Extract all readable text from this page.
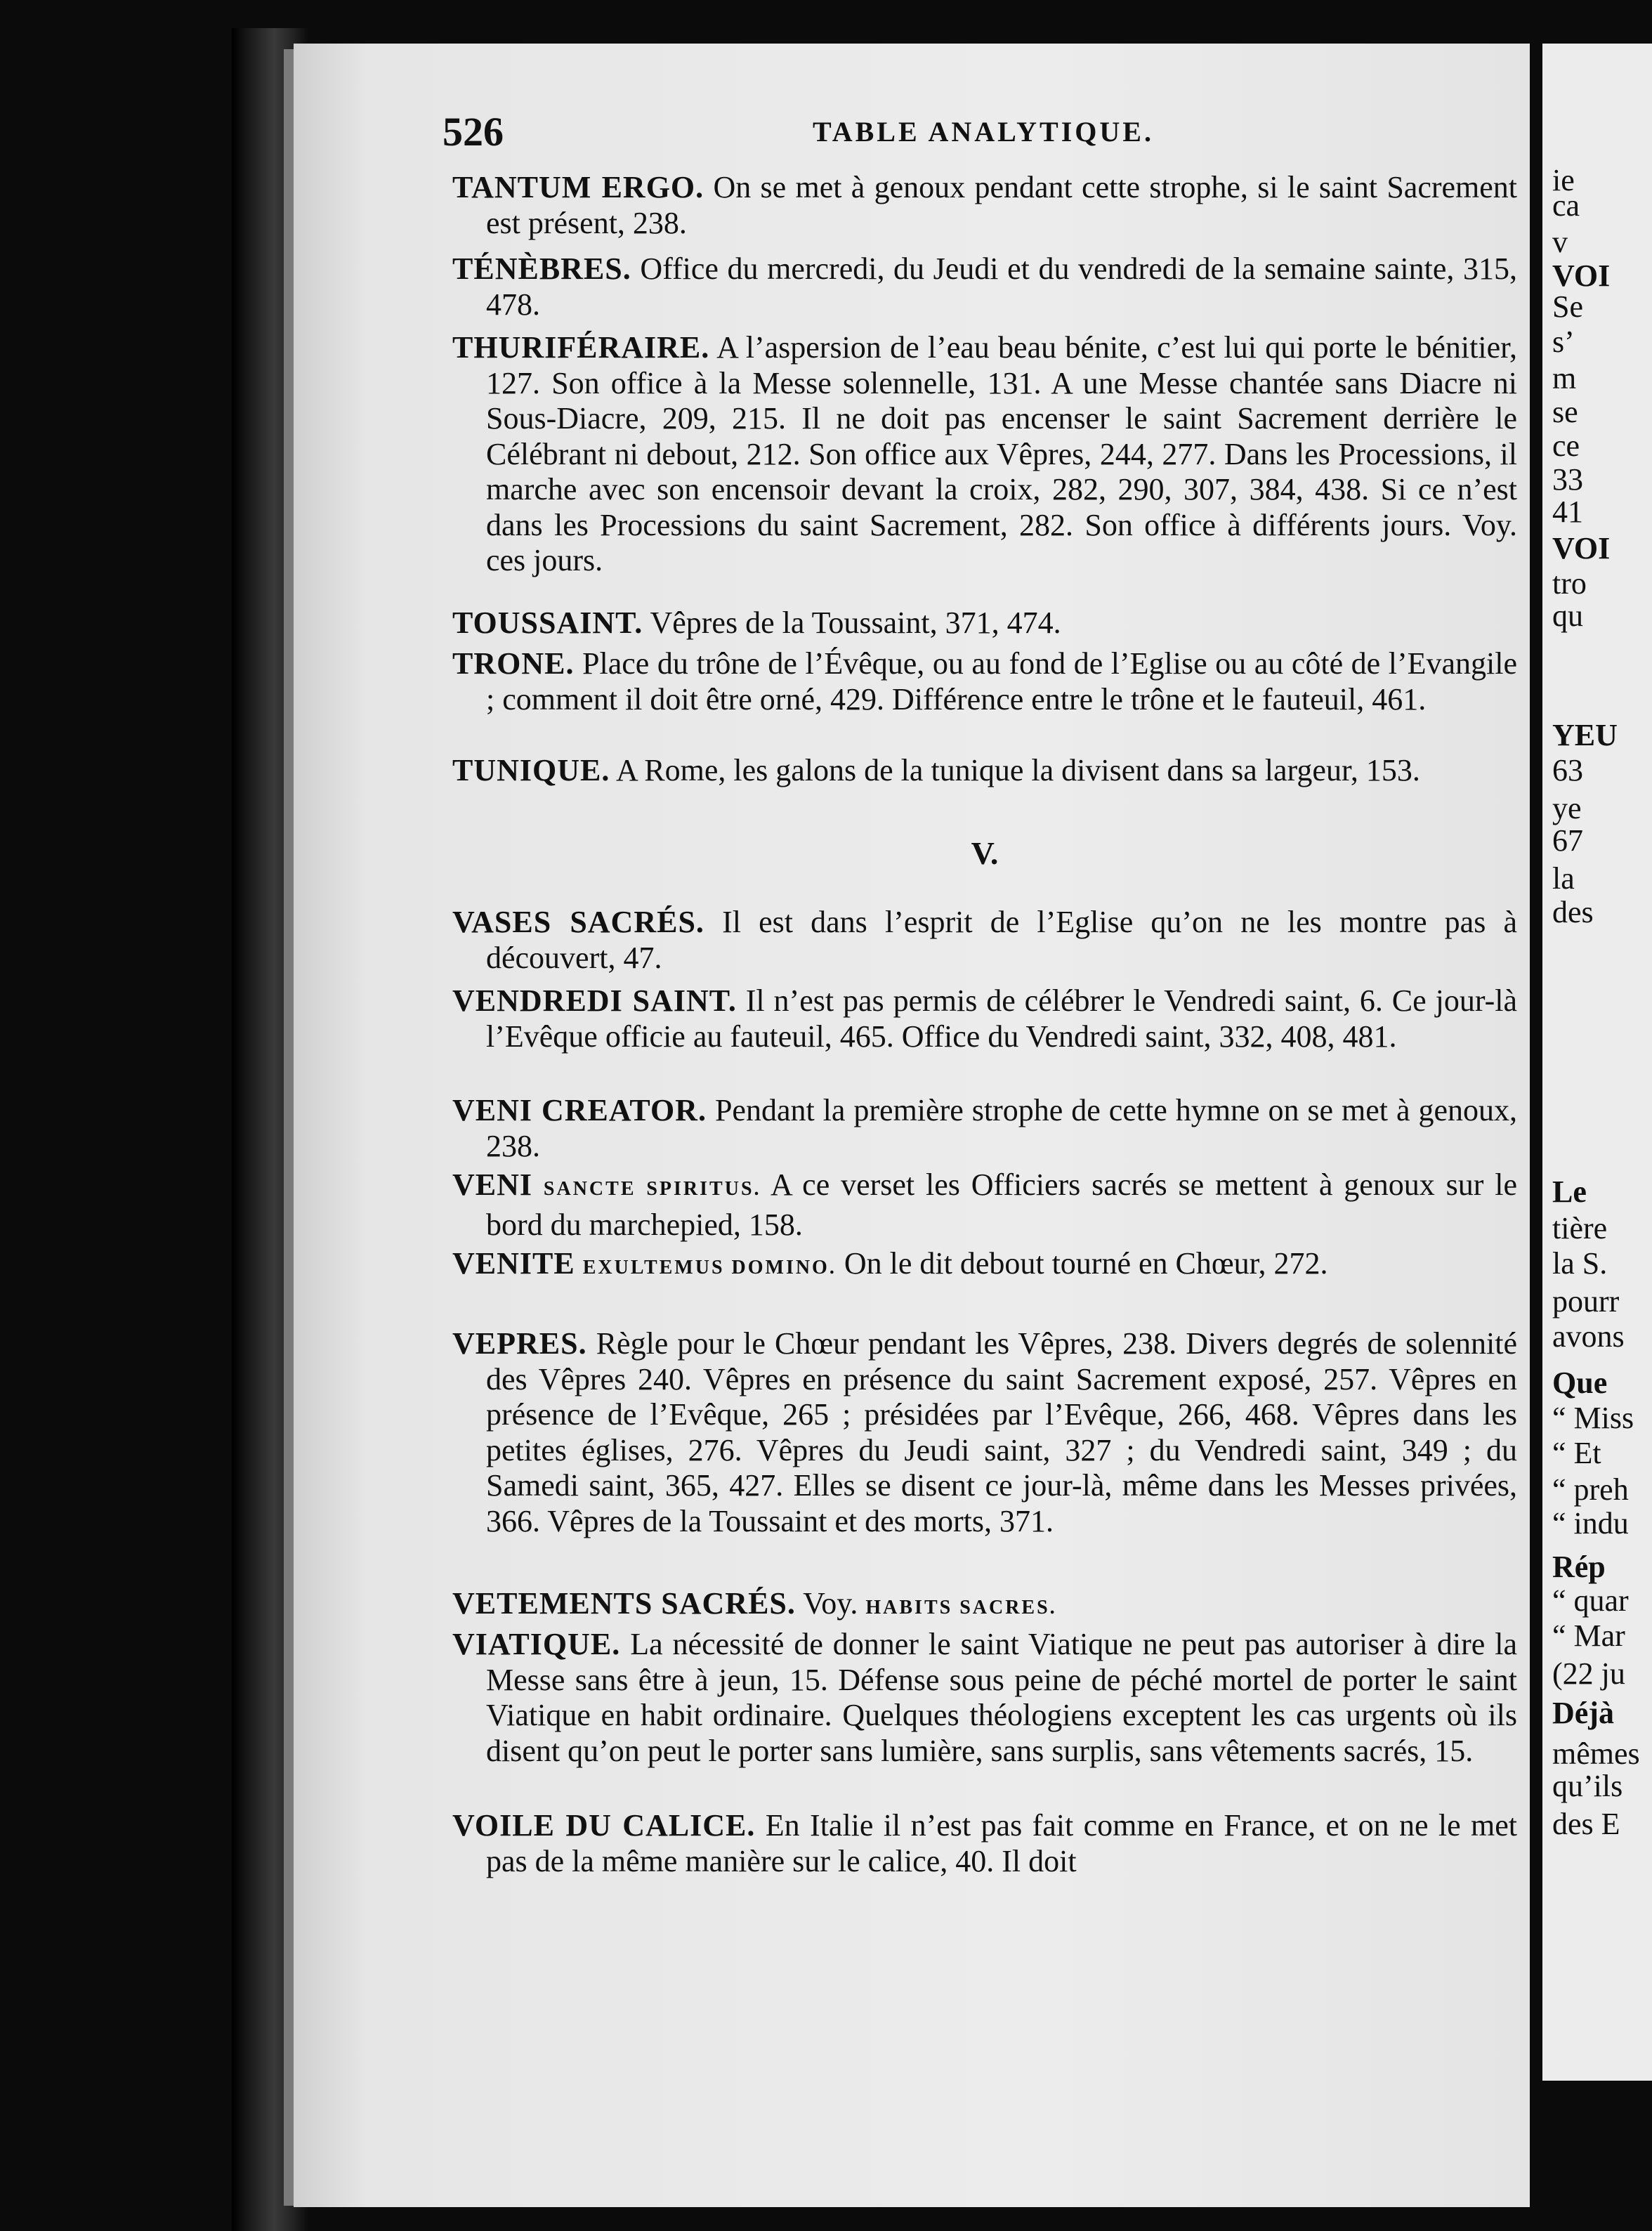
526	TABLE ANALYTIQUE.
TANTUM ERGO. On se met à genoux pendant cette strophe, si le saint Sacrement est présent, 238.
TÉNÈBRES. Office du mercredi, du Jeudi et du vendredi de la semaine sainte, 315, 478.
THURIFÉRAIRE. A l’aspersion de l’eau beau bénite, c’est lui qui porte le bénitier, 127. Son office à la Messe solennelle, 131. A une Messe chantée sans Diacre ni Sous-Diacre, 209, 215. Il ne doit pas encenser le saint Sacrement derrière le Célébrant ni debout, 212. Son office aux Vêpres, 244, 277. Dans les Processions, il marche avec son encensoir devant la croix, 282, 290, 307, 384, 438. Si ce n’est dans les Processions du saint Sacrement, 282. Son office à différents jours. Voy. ces jours.
TOUSSAINT. Vêpres de la Toussaint, 371, 474.
TRONE. Place du trône de l’Évêque, ou au fond de l’Eglise ou au côté de l’Evangile ; comment il doit être orné, 429. Différence entre le trône et le fauteuil, 461.
TUNIQUE. A Rome, les galons de la tunique la divisent dans sa largeur, 153.
V.
VASES SACRÉS. Il est dans l’esprit de l’Eglise qu’on ne les montre pas à découvert, 47.
VENDREDI SAINT. Il n’est pas permis de célébrer le Vendredi saint, 6. Ce jour-là l’Evêque officie au fauteuil, 465. Office du Vendredi saint, 332, 408, 481.
VENI CREATOR. Pendant la première strophe de cette hymne on se met à genoux, 238.
VENI SANCTE SPIRITUS. A ce verset les Officiers sacrés se mettent à genoux sur le bord du marchepied, 158.
VENITE EXULTEMUS DOMINO. On le dit debout tourné en Chœur, 272.
VEPRES. Règle pour le Chœur pendant les Vêpres, 238. Divers degrés de solennité des Vêpres 240. Vêpres en présence du saint Sacrement exposé, 257. Vêpres en présence de l’Evêque, 265 ; présidées par l’Evêque, 266, 468. Vêpres dans les petites églises, 276. Vêpres du Jeudi saint, 327 ; du Vendredi saint, 349 ; du Samedi saint, 365, 427. Elles se disent ce jour-là, même dans les Messes privées, 366. Vêpres de la Toussaint et des morts, 371.
VETEMENTS SACRÉS. Voy. HABITS SACRES.
VIATIQUE. La nécessité de donner le saint Viatique ne peut pas autoriser à dire la Messe sans être à jeun, 15. Défense sous peine de péché mortel de porter le saint Viatique en habit ordinaire. Quelques théologiens exceptent les cas urgents où ils disent qu’on peut le porter sans lumière, sans surplis, sans vêtements sacrés, 15.
VOILE DU CALICE. En Italie il n’est pas fait comme en France, et on ne le met pas de la même manière sur le calice, 40. Il doit
ie
ca
v
VOI
Se
s’
m
se
ce
33
41
VOI
tro
qu
YEU
63
ye
67
la
des
Le
tière
la S.
pourr
avons
Que
“ Miss
“ Et
“ preh
“ indu
Rép
“ quar
“ Mar
(22 ju
Déjà
mêmes
qu’ils
des E
